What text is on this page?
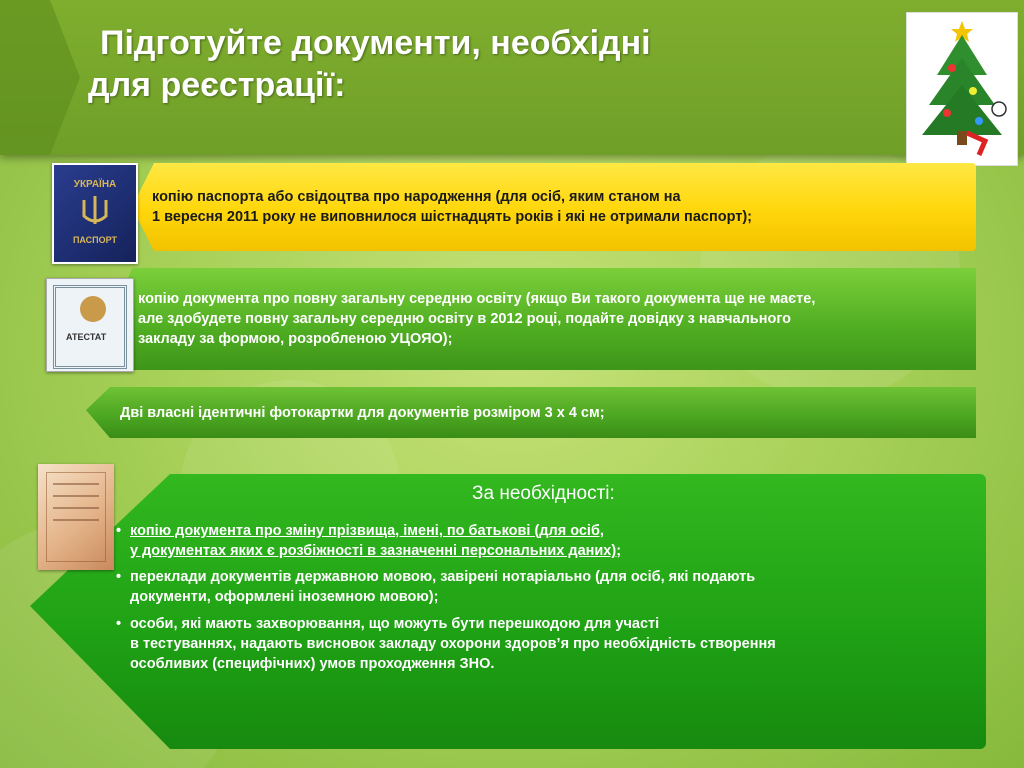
Підготуйте документи, необхідні
для реєстрації:
копію паспорта або свідоцтва про народження (для осіб, яким станом на
1 вересня 2011 року не виповнилося шістнадцять років і які не отримали паспорт);
УКРАЇНА
ПАСПОРТ
копію документа про повну загальну середню освіту (якщо Ви такого документа ще не маєте,
але здобудете повну загальну середню освіту в 2012 році, подайте довідку з навчального
закладу за формою, розробленою УЦОЯО);
АТЕСТАТ
Дві власні ідентичні фотокартки для документів розміром 3 х 4 см;
За необхідності:
• копію документа про зміну прізвища, імені, по батькові (для осіб,
у документах яких є розбіжності в зазначенні персональних даних);
• переклади документів державною мовою, завірені нотаріально (для осіб, які подають
документи, оформлені іноземною мовою);
• особи, які мають захворювання, що можуть бути перешкодою для участі
в тестуваннях, надають висновок закладу охорони здоров’я про необхідність створення
особливих (специфічних) умов проходження ЗНО.
